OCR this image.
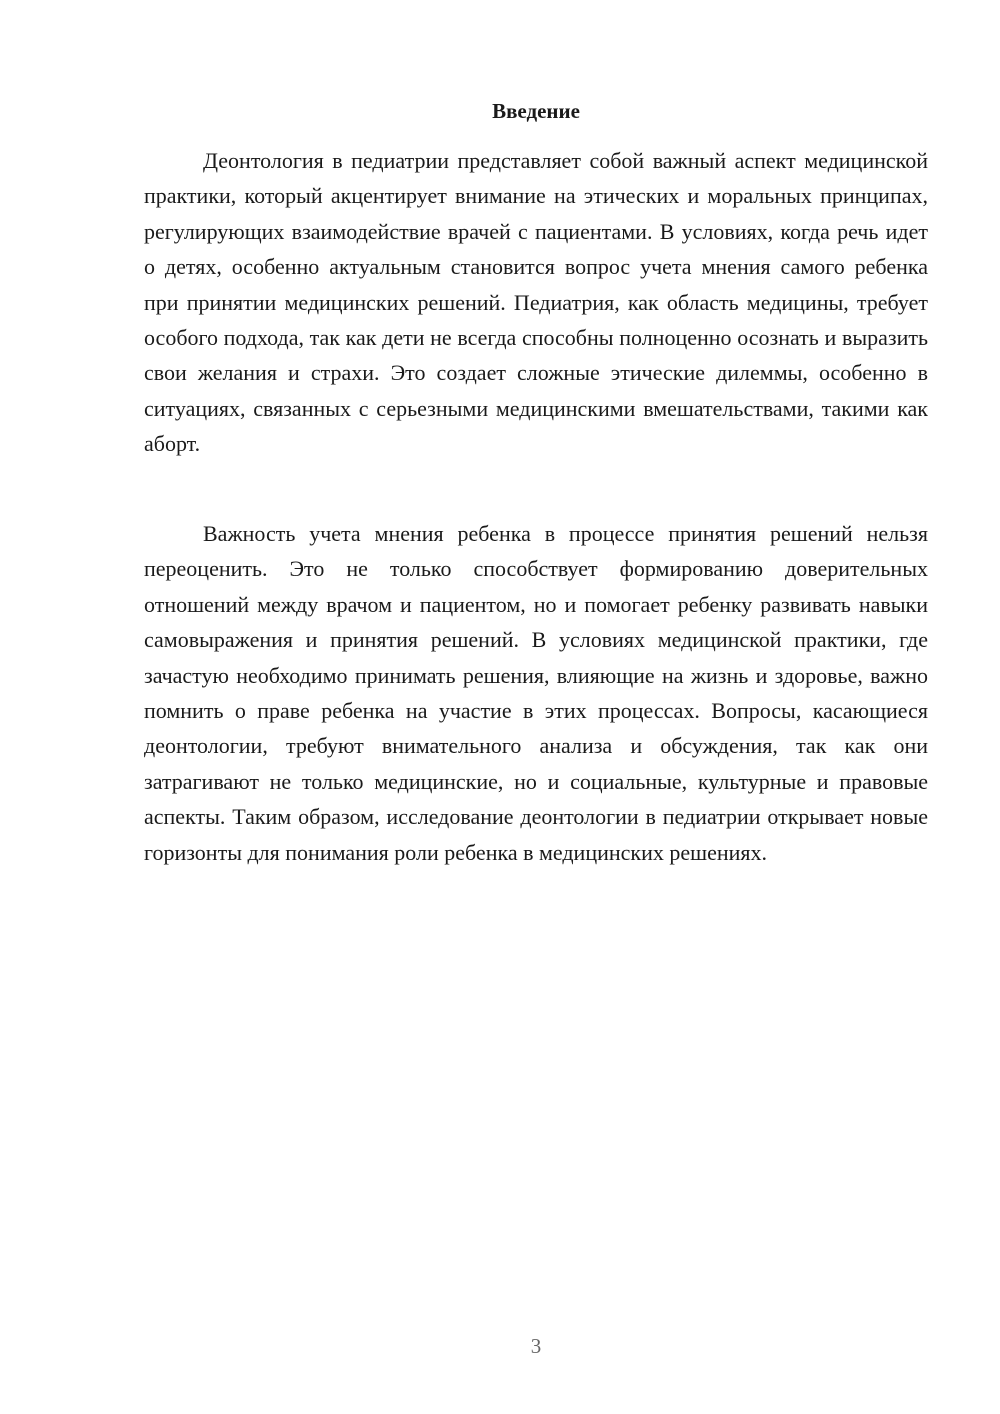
Введение

Деонтология в педиатрии представляет собой важный аспект медицинской практики, который акцентирует внимание на этических и моральных принципах, регулирующих взаимодействие врачей с пациентами. В условиях, когда речь идет о детях, особенно актуальным становится вопрос учета мнения самого ребенка при принятии медицинских решений. Педиатрия, как область медицины, требует особого подхода, так как дети не всегда способны полноценно осознать и выразить свои желания и страхи. Это создает сложные этические дилеммы, особенно в ситуациях, связанных с серьезными медицинскими вмешательствами, такими как аборт.

Важность учета мнения ребенка в процессе принятия решений нельзя переоценить. Это не только способствует формированию доверительных отношений между врачом и пациентом, но и помогает ребенку развивать навыки самовыражения и принятия решений. В условиях медицинской практики, где зачастую необходимо принимать решения, влияющие на жизнь и здоровье, важно помнить о праве ребенка на участие в этих процессах. Вопросы, касающиеся деонтологии, требуют внимательного анализа и обсуждения, так как они затрагивают не только медицинские, но и социальные, культурные и правовые аспекты. Таким образом, исследование деонтологии в педиатрии открывает новые горизонты для понимания роли ребенка в медицинских решениях.

3
